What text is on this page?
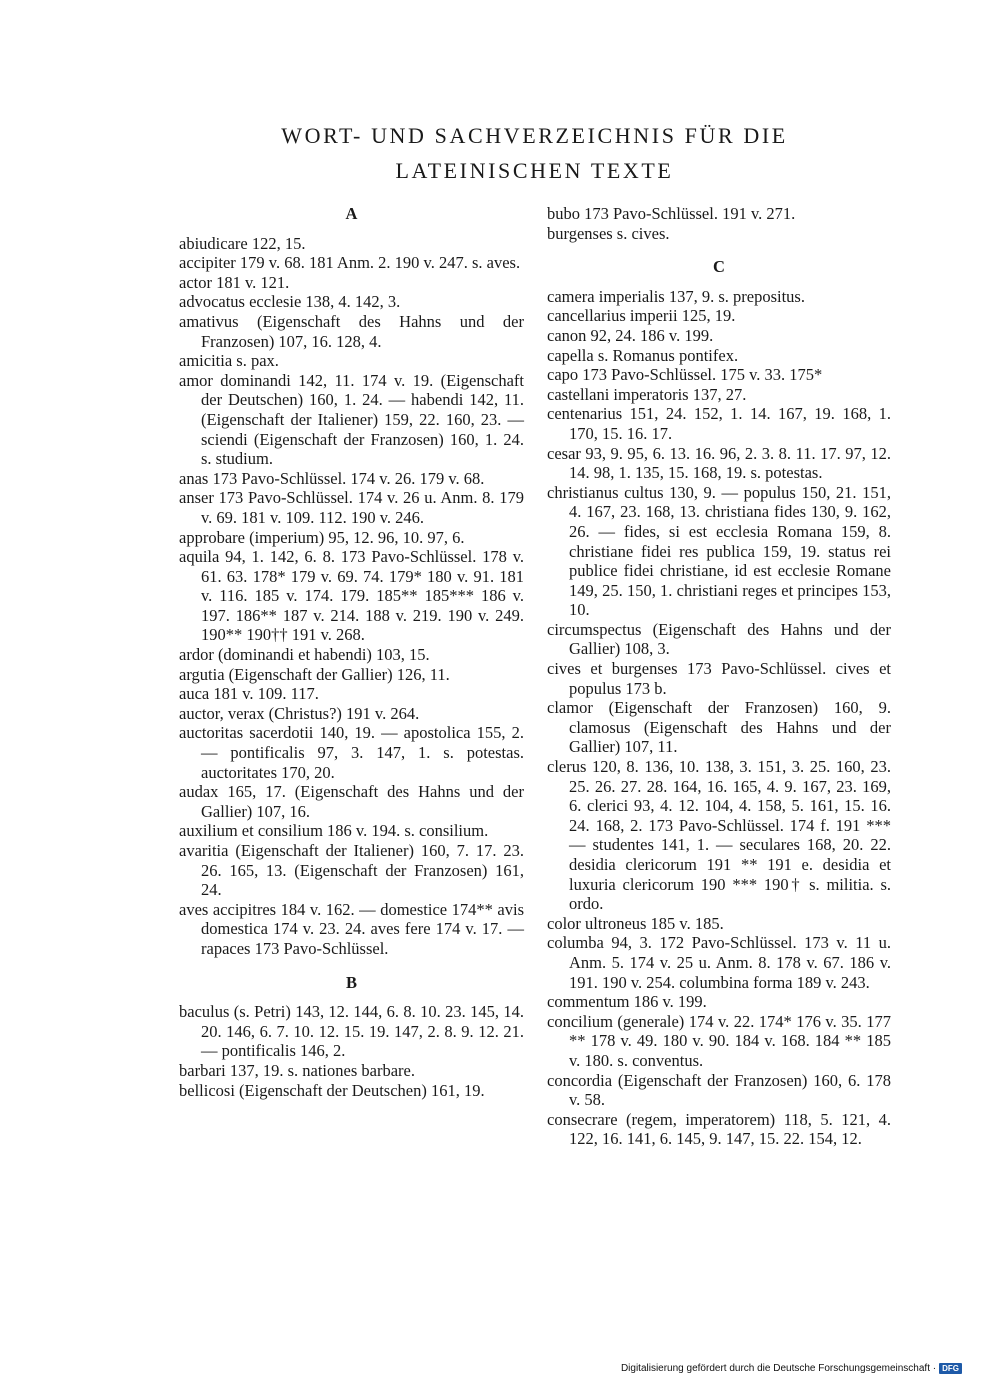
WORT- UND SACHVERZEICHNIS FÜR DIE
LATEINISCHEN TEXTE
A

abiudicare 122, 15.

accipiter 179 v. 68. 181 Anm. 2. 190 v. 247. s. aves.

actor 181 v. 121.

advocatus ecclesie 138, 4. 142, 3.

amativus (Eigenschaft des Hahns und der Franzosen) 107, 16. 128, 4.

amicitia s. pax.

amor dominandi 142, 11. 174 v. 19. (Eigenschaft der Deutschen) 160, 1. 24. — habendi 142, 11. (Eigenschaft der Italiener) 159, 22. 160, 23. — sciendi (Eigenschaft der Franzosen) 160, 1. 24. s. studium.

anas 173 Pavo-Schlüssel. 174 v. 26. 179 v. 68.

anser 173 Pavo-Schlüssel. 174 v. 26 u. Anm. 8. 179 v. 69. 181 v. 109. 112. 190 v. 246.

approbare (imperium) 95, 12. 96, 10. 97, 6.

aquila 94, 1. 142, 6. 8. 173 Pavo-Schlüssel. 178 v. 61. 63. 178* 179 v. 69. 74. 179* 180 v. 91. 181 v. 116. 185 v. 174. 179. 185** 185*** 186 v. 197. 186** 187 v. 214. 188 v. 219. 190 v. 249. 190** 190†† 191 v. 268.

ardor (dominandi et habendi) 103, 15.

argutia (Eigenschaft der Gallier) 126, 11.

auca 181 v. 109. 117.

auctor, verax (Christus?) 191 v. 264.

auctoritas sacerdotii 140, 19. — apostolica 155, 2. — pontificalis 97, 3. 147, 1. s. potestas. auctoritates 170, 20.

audax 165, 17. (Eigenschaft des Hahns und der Gallier) 107, 16.

auxilium et consilium 186 v. 194. s. consilium.

avaritia (Eigenschaft der Italiener) 160, 7. 17. 23. 26. 165, 13. (Eigenschaft der Franzosen) 161, 24.

aves accipitres 184 v. 162. — domestice 174** avis domestica 174 v. 23. 24. aves fere 174 v. 17. — rapaces 173 Pavo-Schlüssel.

B

baculus (s. Petri) 143, 12. 144, 6. 8. 10. 23. 145, 14. 20. 146, 6. 7. 10. 12. 15. 19. 147, 2. 8. 9. 12. 21. — pontificalis 146, 2.

barbari 137, 19. s. nationes barbare.

bellicosi (Eigenschaft der Deutschen) 161, 19.

bubo 173 Pavo-Schlüssel. 191 v. 271.

burgenses s. cives.

C

camera imperialis 137, 9. s. prepositus.

cancellarius imperii 125, 19.

canon 92, 24. 186 v. 199.

capella s. Romanus pontifex.

capo 173 Pavo-Schlüssel. 175 v. 33. 175*

castellani imperatoris 137, 27.

centenarius 151, 24. 152, 1. 14. 167, 19. 168, 1. 170, 15. 16. 17.

cesar 93, 9. 95, 6. 13. 16. 96, 2. 3. 8. 11. 17. 97, 12. 14. 98, 1. 135, 15. 168, 19. s. potestas.

christianus cultus 130, 9. — populus 150, 21. 151, 4. 167, 23. 168, 13. christiana fides 130, 9. 162, 26. — fides, si est ecclesia Romana 159, 8. christiane fidei res publica 159, 19. status rei publice fidei christiane, id est ecclesie Romane 149, 25. 150, 1. christiani reges et principes 153, 10.

circumspectus (Eigenschaft des Hahns und der Gallier) 108, 3.

cives et burgenses 173 Pavo-Schlüssel. cives et populus 173 b.

clamor (Eigenschaft der Franzosen) 160, 9. clamosus (Eigenschaft des Hahns und der Gallier) 107, 11.

clerus 120, 8. 136, 10. 138, 3. 151, 3. 25. 160, 23. 25. 26. 27. 28. 164, 16. 165, 4. 9. 167, 23. 169, 6. clerici 93, 4. 12. 104, 4. 158, 5. 161, 15. 16. 24. 168, 2. 173 Pavo-Schlüssel. 174 f. 191 *** — studentes 141, 1. — seculares 168, 20. 22. desidia clericorum 191 ** 191 e. desidia et luxuria clericorum 190 *** 190† s. militia. s. ordo.

color ultroneus 185 v. 185.

columba 94, 3. 172 Pavo-Schlüssel. 173 v. 11 u. Anm. 5. 174 v. 25 u. Anm. 8. 178 v. 67. 186 v. 191. 190 v. 254. columbina forma 189 v. 243.

commentum 186 v. 199.

concilium (generale) 174 v. 22. 174* 176 v. 35. 177 ** 178 v. 49. 180 v. 90. 184 v. 168. 184 ** 185 v. 180. s. conventus.

concordia (Eigenschaft der Franzosen) 160, 6. 178 v. 58.

consecrare (regem, imperatorem) 118, 5. 121, 4. 122, 16. 141, 6. 145, 9. 147, 15. 22. 154, 12.

Digitalisierung gefördert durch die Deutsche Forschungsgemeinschaft · DFG
